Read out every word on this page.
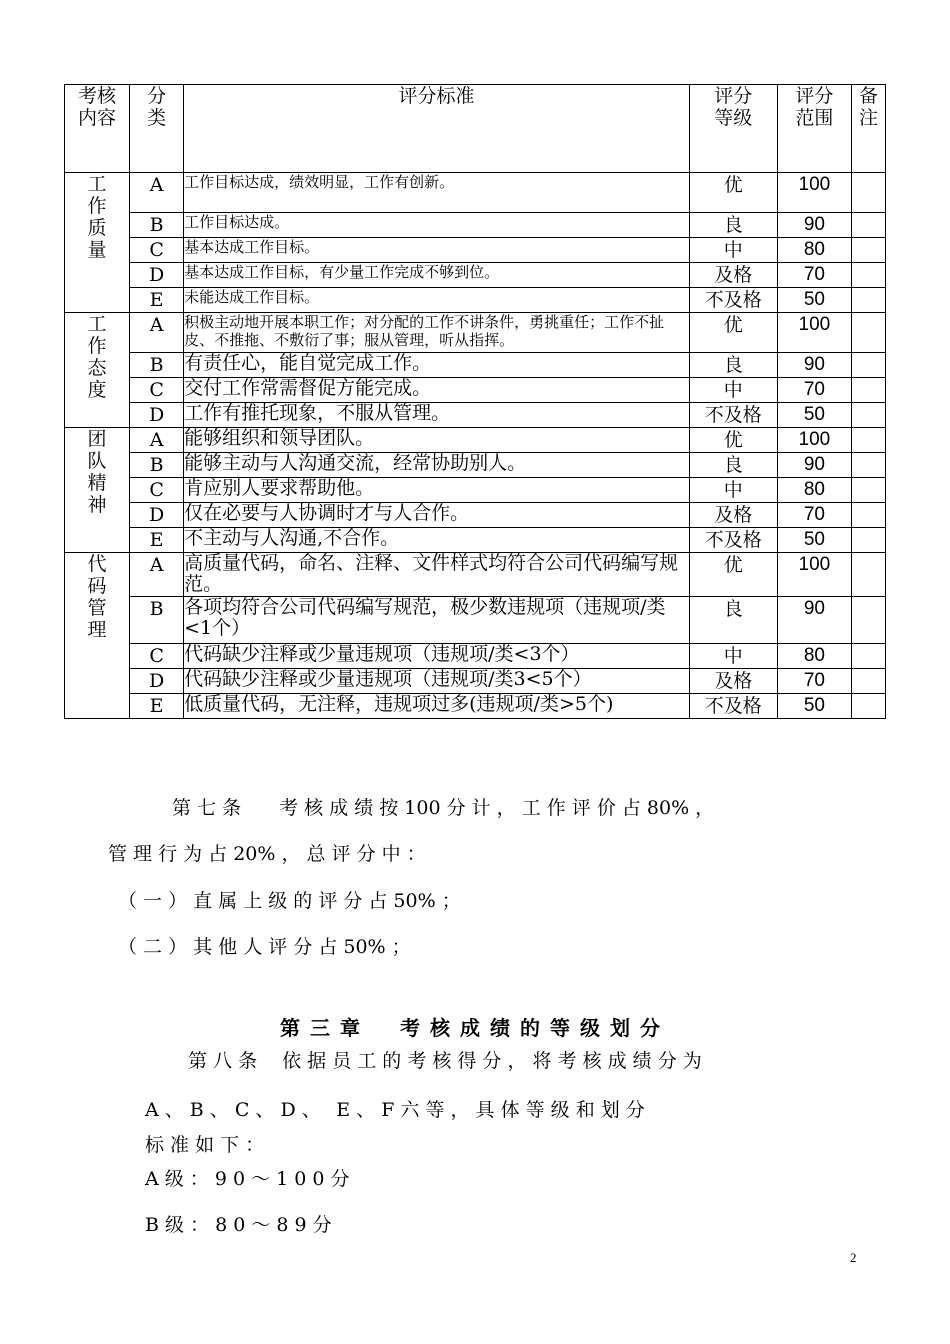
考核内容	分类	评分标准	评分等级	评分范围	备注

工作质量	A	工作目标达成，绩效明显，工作有创新。	优	100	
	B	工作目标达成。	良	90	
	C	基本达成工作目标。	中	80	
	D	基本达成工作目标，有少量工作完成不够到位。	及格	70	
	E	未能达成工作目标。	不及格	50	

工作态度	A	积极主动地开展本职工作；对分配的工作不讲条件，勇挑重任；工作不扯皮、不推拖、不敷衍了事；服从管理，听从指挥。	优	100	
	B	有责任心，能自觉完成工作。	良	90	
	C	交付工作常需督促方能完成。	中	70	
	D	工作有推托现象，不服从管理。	不及格	50	

团队精神	A	能够组织和领导团队。	优	100	
	B	能够主动与人沟通交流，经常协助别人。	良	90	
	C	肯应别人要求帮助他。	中	80	
	D	仅在必要与人协调时才与人合作。	及格	70	
	E	不主动与人沟通,不合作。	不及格	50	

代码管理	A	高质量代码，命名、注释、文件样式均符合公司代码编写规范。	优	100	
	B	各项均符合公司代码编写规范，极少数违规项（违规项/类<1个）	良	90	
	C	代码缺少注释或少量违规项（违规项/类<3个）	中	80	
	D	代码缺少注释或少量违规项（违规项/类3<5个）	及格	70	
	E	低质量代码，无注释，违规项过多(违规项/类>5个)	不及格	50	

第 七 条　　考 核 成 绩 按 100 分 计 ， 工 作 评 价 占 80% ，

管 理 行 为 占 20% ， 总 评 分 中 ：

（ 一 ） 直 属 上 级 的 评 分 占 50% ；

（ 二 ） 其 他 人 评 分 占 50% ；

第三章　考核成绩的等级划分

第 八 条　 依 据 员 工 的 考 核 得 分 ， 将 考 核 成 绩 分 为

A 、 B 、 C 、 D 、　 E 、 F 六 等 ， 具 体 等 级 和 划 分

标 准 如 下 ：

A 级 ： 9 0 ～ 1 0 0 分

B 级 ： 8 0 ～ 8 9 分

2
